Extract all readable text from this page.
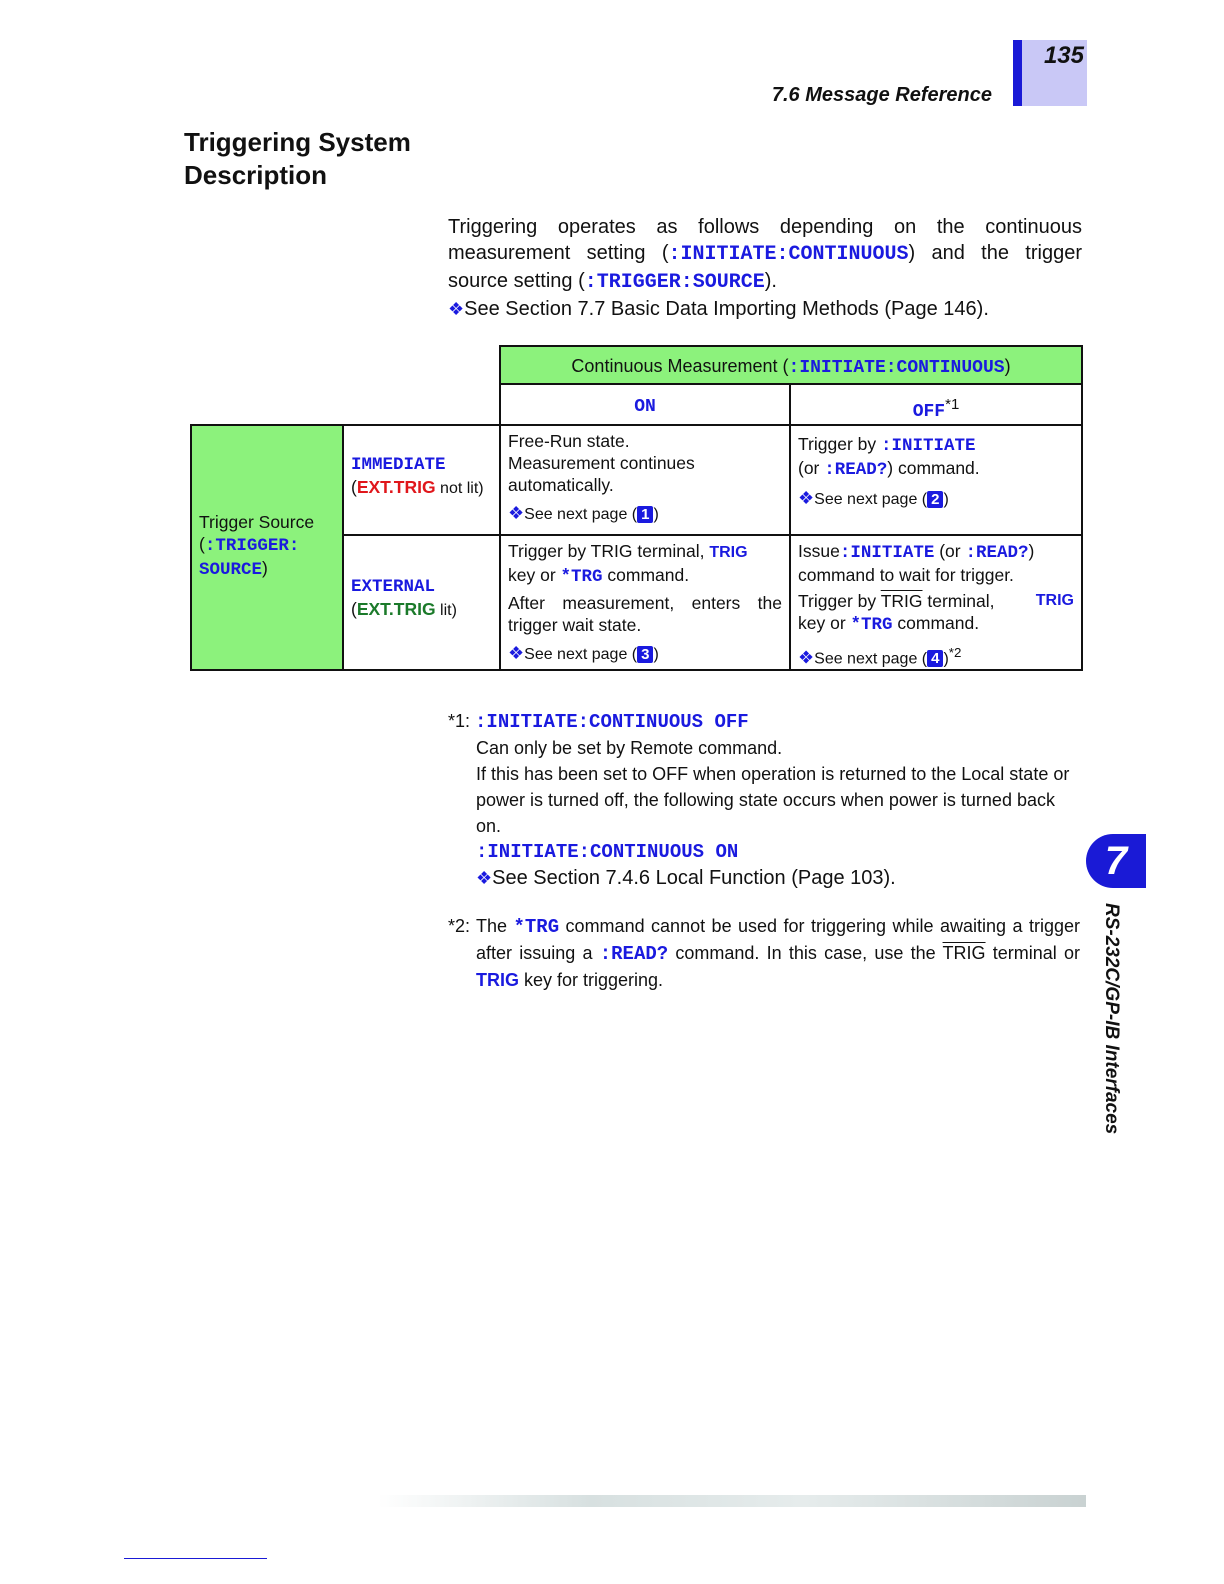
135
7.6 Message Reference
Triggering System
Description

Triggering operates as follows depending on the continuous measurement setting (:INITIATE:CONTINUOUS) and the trigger source setting (:TRIGGER:SOURCE).

❖See Section 7.7 Basic Data Importing Methods (Page 146).

Continuous Measurement (:INITIATE:CONTINUOUS)
ON	OFF$^{*1}$
Trigger Source
(:TRIGGER:
SOURCE)
IMMEDIATE
(EXT.TRIG not lit)
EXTERNAL
(EXT.TRIG lit)
Free-Run state.
Measurement continues
automatically.
❖See next page ( 1 )
Trigger by :INITIATE
(or :READ?) command.
❖See next page ( 2 )
Trigger by TRIG terminal, TRIG
key or *TRG command.
After measurement, enters the
trigger wait state.
❖See next page ( 3 )
Issue:INITIATE (or :READ?)
command to wait for trigger.
Trigger by TRIG terminal,	TRIG
key or *TRG command.
❖See next page ( 4 )$^{*2}$
*1: :INITIATE:CONTINUOUS OFF
Can only be set by Remote command.
If this has been set to OFF when operation is returned to the Local state or power is turned off, the following state occurs when power is turned back on.
:INITIATE:CONTINUOUS ON
❖See Section 7.4.6 Local Function (Page 103).
*2: The *TRG command cannot be used for triggering while awaiting a trigger after issuing a :READ? command. In this case, use the TRIG terminal or TRIG key for triggering.
7
RS-232C/GP-IB Interfaces
